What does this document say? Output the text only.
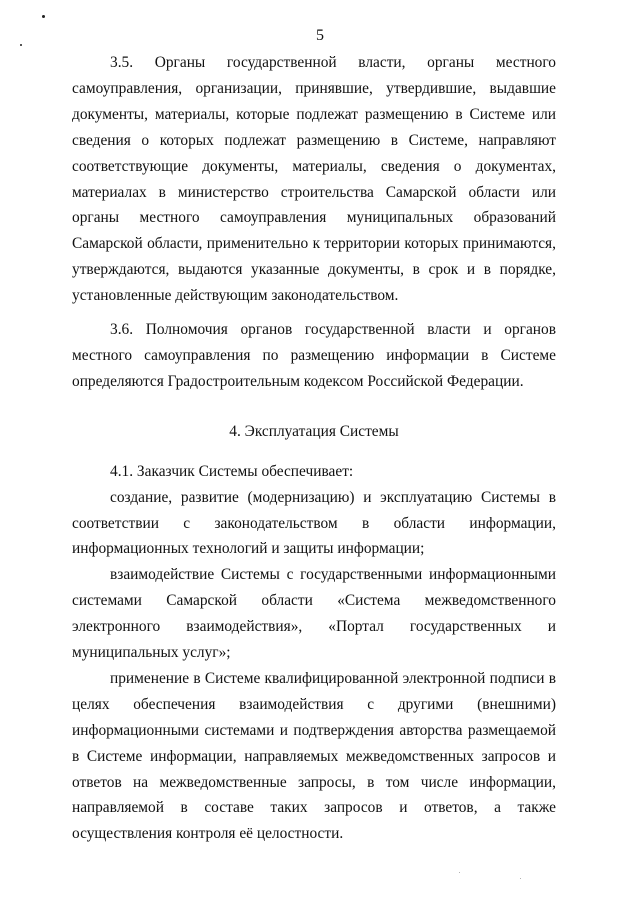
5

3.5. Органы государственной власти, органы местного самоуправления, организации, принявшие, утвердившие, выдавшие документы, материалы, которые подлежат размещению в Системе или сведения о которых подлежат размещению в Системе, направляют соответствующие документы, материалы, сведения о документах, материалах в министерство строительства Самарской области или органы местного самоуправления муниципальных образований Самарской области, применительно к территории которых принимаются, утверждаются, выдаются указанные документы, в срок и в порядке, установленные действующим законодательством.

3.6. Полномочия органов государственной власти и органов местного самоуправления по размещению информации в Системе определяются Градостроительным кодексом Российской Федерации.

4. Эксплуатация Системы

4.1. Заказчик Системы обеспечивает:

создание, развитие (модернизацию) и эксплуатацию Системы в соответствии с законодательством в области информации, информационных технологий и защиты информации;

взаимодействие Системы с государственными информационными системами Самарской области «Система межведомственного электронного взаимодействия», «Портал государственных и муниципальных услуг»;

применение в Системе квалифицированной электронной подписи в целях обеспечения взаимодействия с другими (внешними) информационными системами и подтверждения авторства размещаемой в Системе информации, направляемых межведомственных запросов и ответов на межведомственные запросы, в том числе информации, направляемой в составе таких запросов и ответов, а также осуществления контроля её целостности.
